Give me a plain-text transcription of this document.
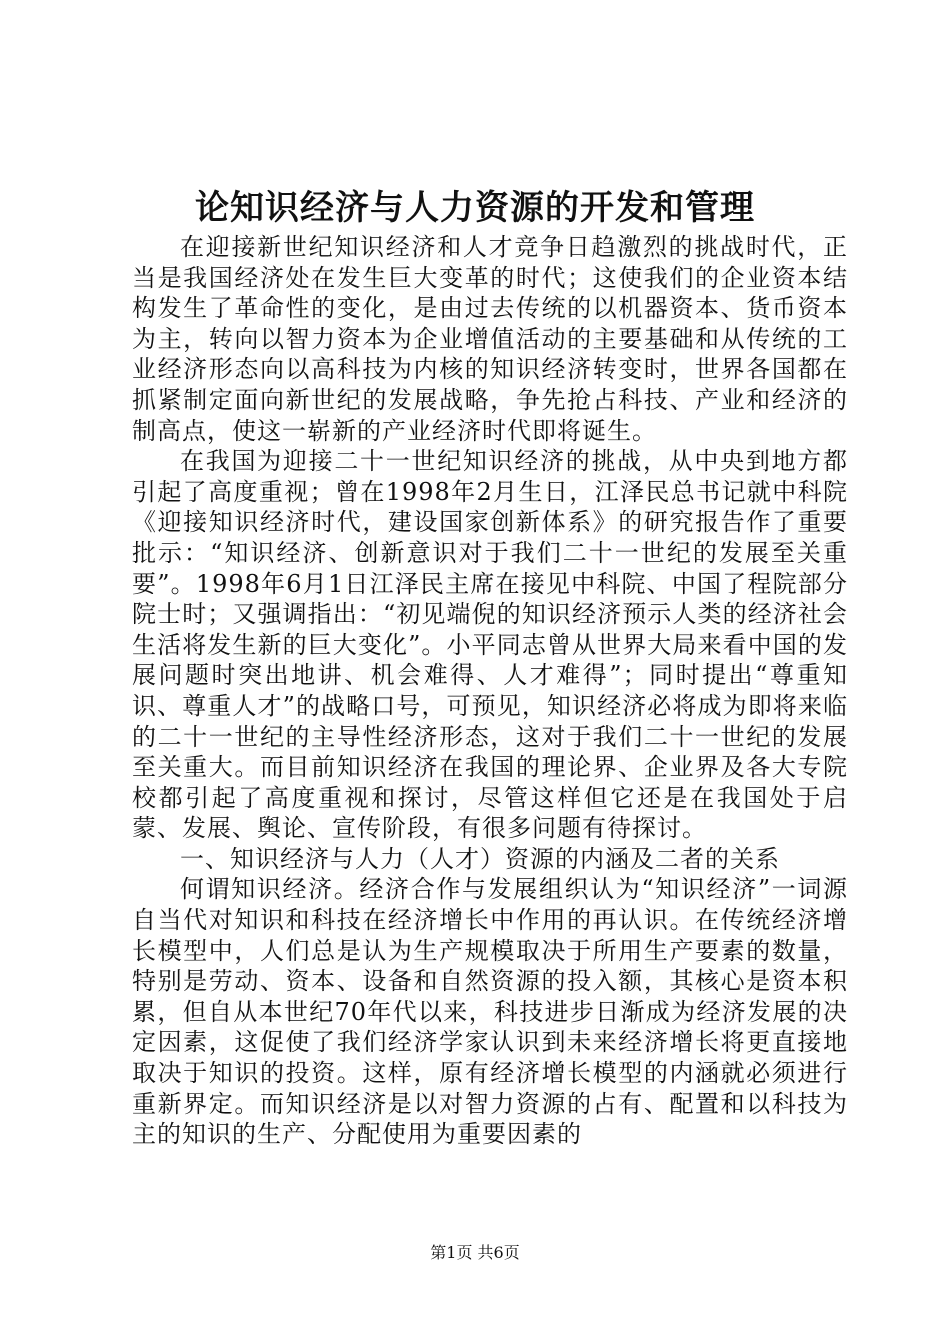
论知识经济与人力资源的开发和管理

在迎接新世纪知识经济和人才竞争日趋激烈的挑战时代，正当是我国经济处在发生巨大变革的时代；这使我们的企业资本结构发生了革命性的变化，是由过去传统的以机器资本、货币资本为主，转向以智力资本为企业增值活动的主要基础和从传统的工业经济形态向以高科技为内核的知识经济转变时，世界各国都在抓紧制定面向新世纪的发展战略，争先抢占科技、产业和经济的制高点，使这一崭新的产业经济时代即将诞生。

在我国为迎接二十一世纪知识经济的挑战，从中央到地方都引起了高度重视；曾在1998年2月生日，江泽民总书记就中科院《迎接知识经济时代，建设国家创新体系》的研究报告作了重要批示：“知识经济、创新意识对于我们二十一世纪的发展至关重要”。1998年6月1日江泽民主席在接见中科院、中国了程院部分院士时；又强调指出：“初见端倪的知识经济预示人类的经济社会生活将发生新的巨大变化”。小平同志曾从世界大局来看中国的发展问题时突出地讲、机会难得、人才难得”；同时提出“尊重知识、尊重人才”的战略口号，可预见，知识经济必将成为即将来临的二十一世纪的主导性经济形态，这对于我们二十一世纪的发展至关重大。而目前知识经济在我国的理论界、企业界及各大专院校都引起了高度重视和探讨，尽管这样但它还是在我国处于启蒙、发展、舆论、宣传阶段，有很多问题有待探讨。

一、知识经济与人力（人才）资源的内涵及二者的关系

何谓知识经济。经济合作与发展组织认为“知识经济”一词源自当代对知识和科技在经济增长中作用的再认识。在传统经济增长模型中，人们总是认为生产规模取决于所用生产要素的数量，特别是劳动、资本、设备和自然资源的投入额，其核心是资本积累，但自从本世纪70年代以来，科技进步日渐成为经济发展的决定因素，这促使了我们经济学家认识到未来经济增长将更直接地取决于知识的投资。这样，原有经济增长模型的内涵就必须进行重新界定。而知识经济是以对智力资源的占有、配置和以科技为主的知识的生产、分配使用为重要因素的

第1页 共6页
